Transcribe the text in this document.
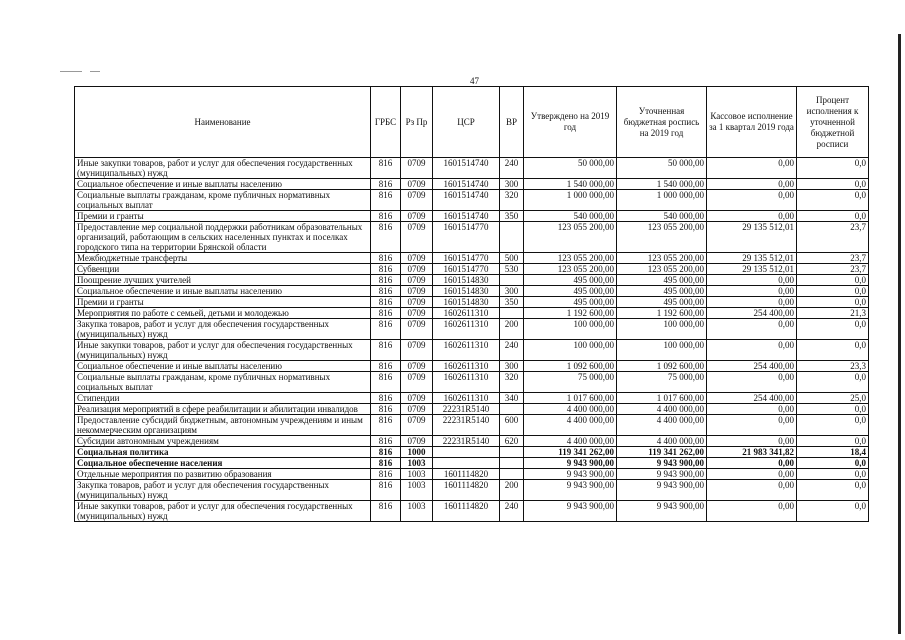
47
Наименование	ГРБС	Рз Пр	ЦСР	ВР	Утверждено на 2019 год	Уточненная бюджетная роспись на 2019 год	Кассовое исполнение за 1 квартал 2019 года	Процент исполнения к уточненной бюджетной росписи
Иные закупки товаров, работ и услуг для обеспечения государственных (муниципальных) нужд	816	0709	1601514740	240	50 000,00	50 000,00	0,00	0,0
Социальное обеспечение и иные выплаты населению	816	0709	1601514740	300	1 540 000,00	1 540 000,00	0,00	0,0
Социальные выплаты гражданам, кроме публичных нормативных социальных выплат	816	0709	1601514740	320	1 000 000,00	1 000 000,00	0,00	0,0
Премии и гранты	816	0709	1601514740	350	540 000,00	540 000,00	0,00	0,0
Предоставление мер социальной поддержки работникам образовательных организаций, работающим в сельских населенных пунктах и поселках городского типа на территории Брянской области	816	0709	1601514770		123 055 200,00	123 055 200,00	29 135 512,01	23,7
Межбюджетные трансферты	816	0709	1601514770	500	123 055 200,00	123 055 200,00	29 135 512,01	23,7
Субвенции	816	0709	1601514770	530	123 055 200,00	123 055 200,00	29 135 512,01	23,7
Поощрение лучших учителей	816	0709	1601514830		495 000,00	495 000,00	0,00	0,0
Социальное обеспечение и иные выплаты населению	816	0709	1601514830	300	495 000,00	495 000,00	0,00	0,0
Премии и гранты	816	0709	1601514830	350	495 000,00	495 000,00	0,00	0,0
Мероприятия по работе с семьей, детьми и молодежью	816	0709	1602611310		1 192 600,00	1 192 600,00	254 400,00	21,3
Закупка товаров, работ и услуг для обеспечения государственных (муниципальных) нужд	816	0709	1602611310	200	100 000,00	100 000,00	0,00	0,0
Иные закупки товаров, работ и услуг для обеспечения государственных (муниципальных) нужд	816	0709	1602611310	240	100 000,00	100 000,00	0,00	0,0
Социальное обеспечение и иные выплаты населению	816	0709	1602611310	300	1 092 600,00	1 092 600,00	254 400,00	23,3
Социальные выплаты гражданам, кроме публичных нормативных социальных выплат	816	0709	1602611310	320	75 000,00	75 000,00	0,00	0,0
Стипендии	816	0709	1602611310	340	1 017 600,00	1 017 600,00	254 400,00	25,0
Реализация мероприятий в сфере реабилитации и абилитации инвалидов	816	0709	22231R5140		4 400 000,00	4 400 000,00	0,00	0,0
Предоставление субсидий бюджетным, автономным учреждениям и иным некоммерческим организациям	816	0709	22231R5140	600	4 400 000,00	4 400 000,00	0,00	0,0
Субсидии автономным учреждениям	816	0709	22231R5140	620	4 400 000,00	4 400 000,00	0,00	0,0
Социальная политика	816	1000			119 341 262,00	119 341 262,00	21 983 341,82	18,4
Социальное обеспечение населения	816	1003			9 943 900,00	9 943 900,00	0,00	0,0
Отдельные мероприятия по развитию образования	816	1003	1601114820		9 943 900,00	9 943 900,00	0,00	0,0
Закупка товаров, работ и услуг для обеспечения государственных (муниципальных) нужд	816	1003	1601114820	200	9 943 900,00	9 943 900,00	0,00	0,0
Иные закупки товаров, работ и услуг для обеспечения государственных (муниципальных) нужд	816	1003	1601114820	240	9 943 900,00	9 943 900,00	0,00	0,0
